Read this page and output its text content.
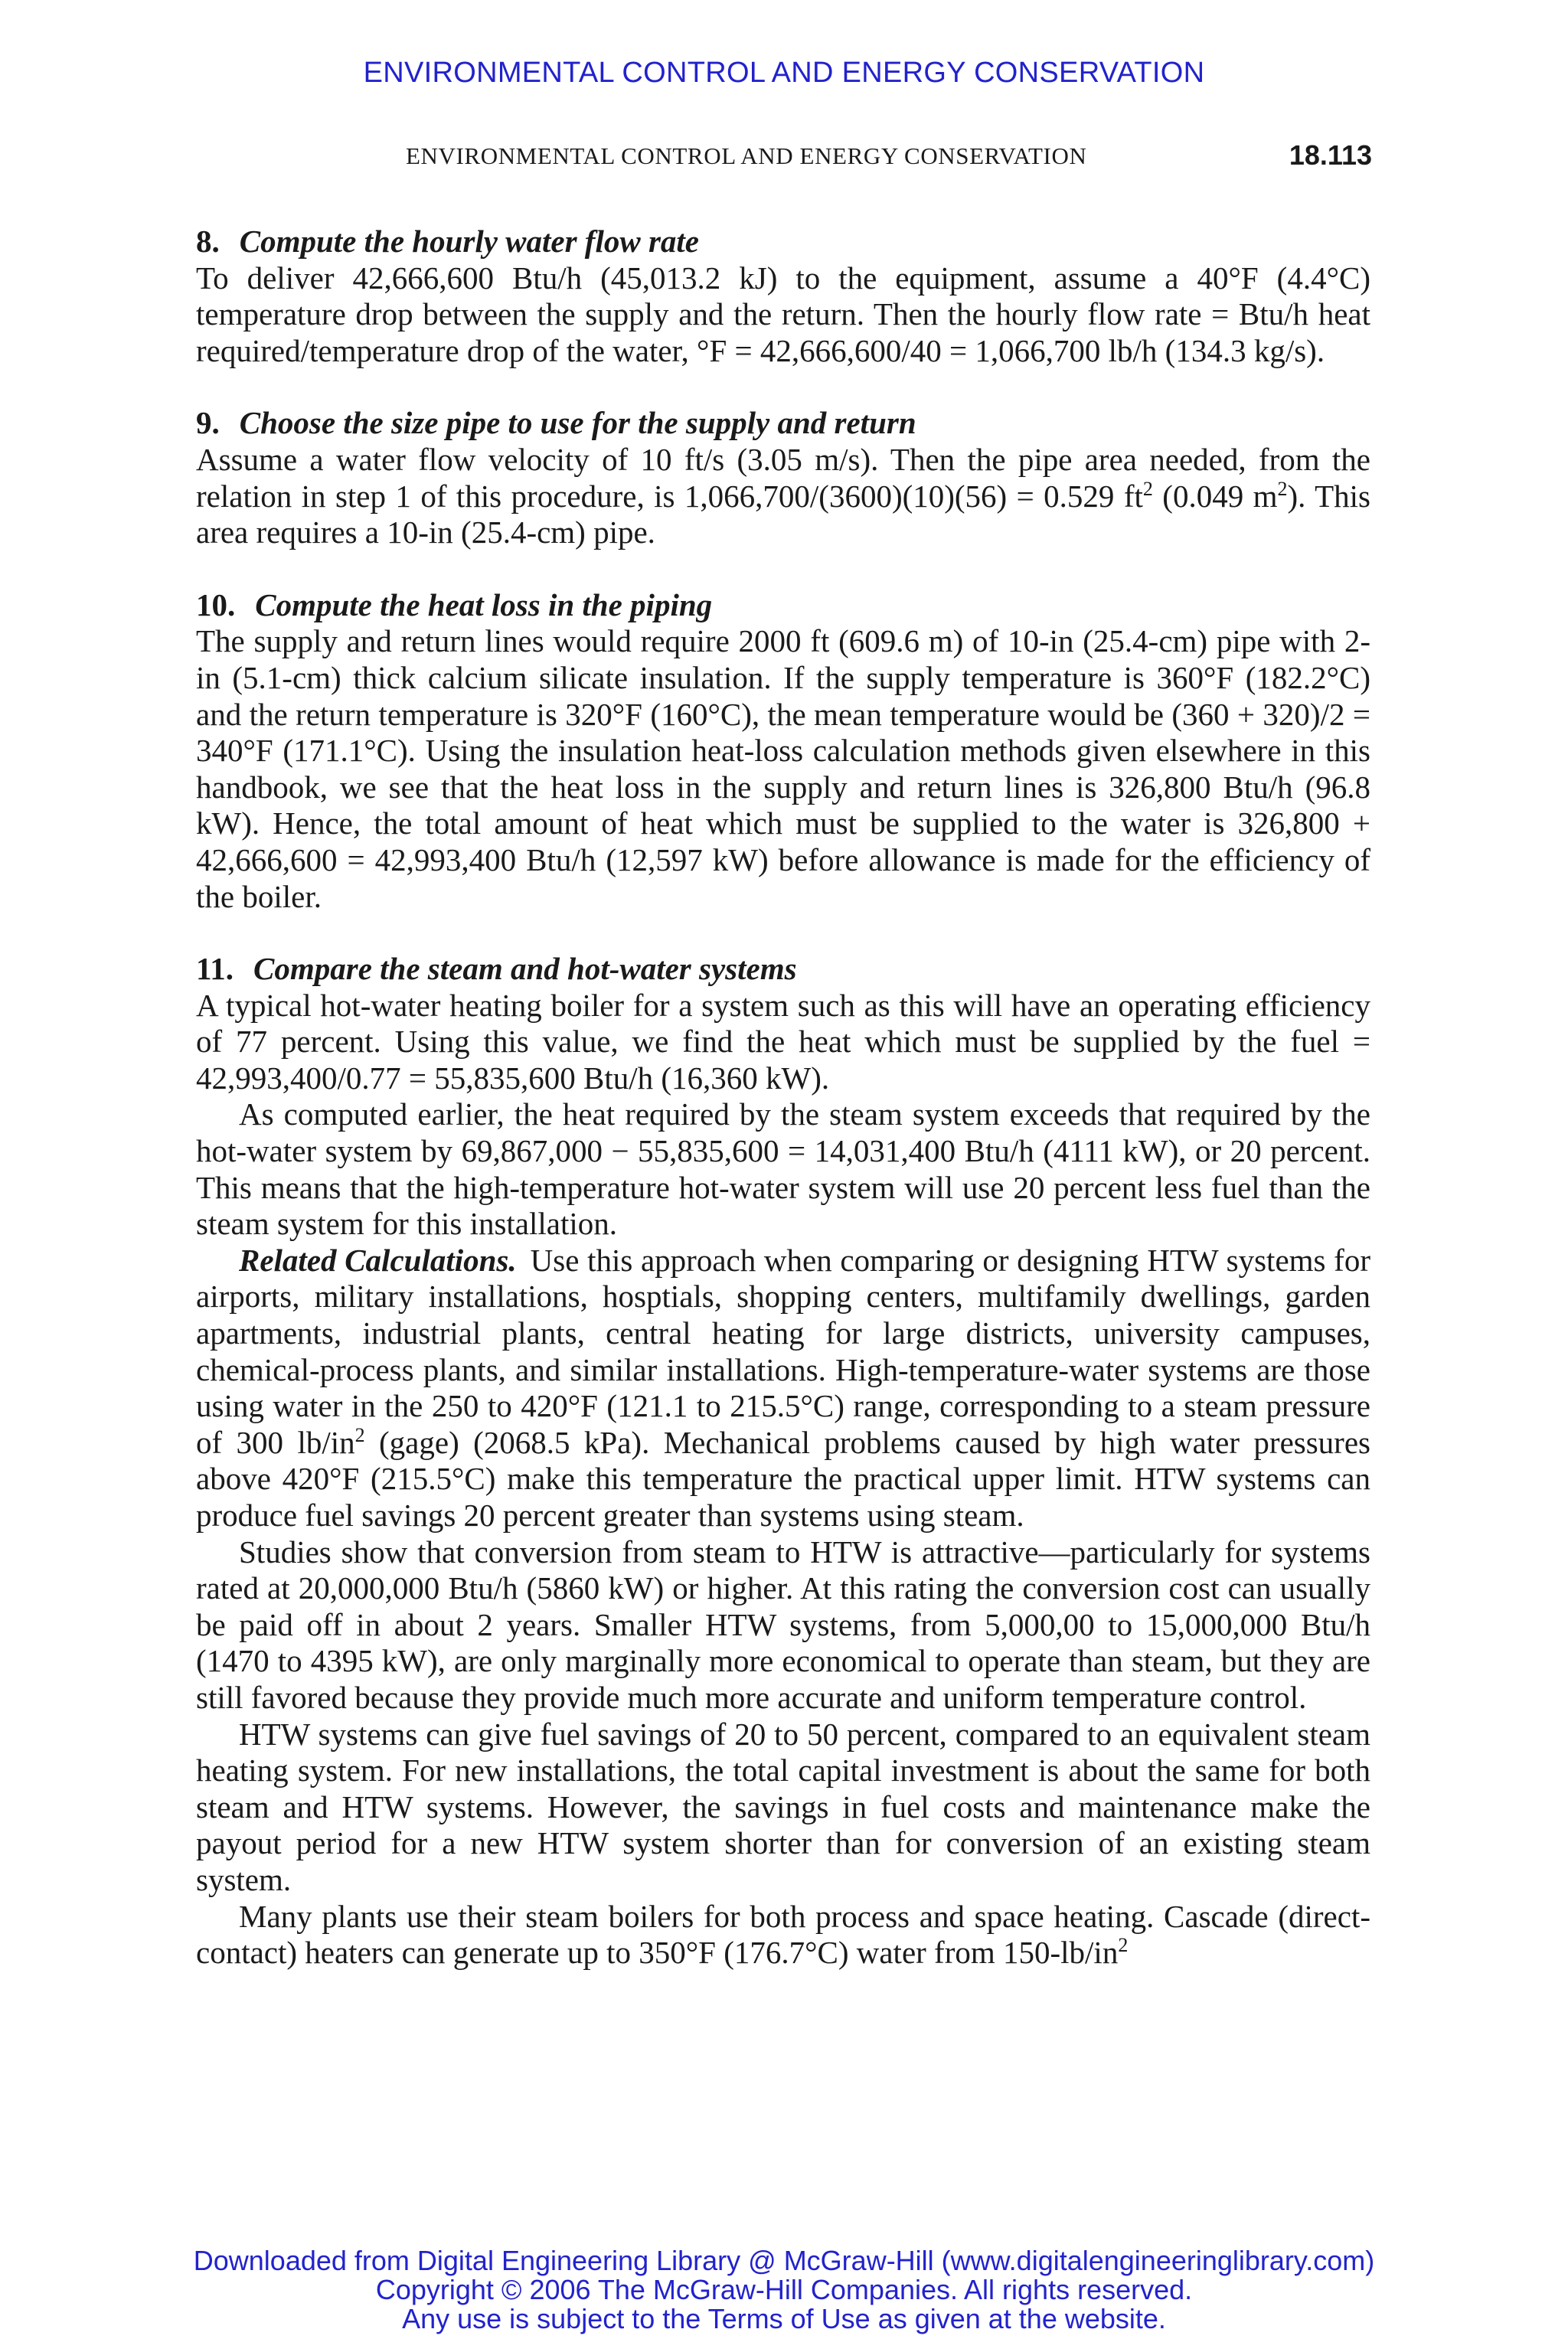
ENVIRONMENTAL CONTROL AND ENERGY CONSERVATION
ENVIRONMENTAL CONTROL AND ENERGY CONSERVATION	18.113
8. Compute the hourly water flow rate

To deliver 42,666,600 Btu/h (45,013.2 kJ) to the equipment, assume a 40°F (4.4°C) temperature drop between the supply and the return. Then the hourly flow rate = Btu/h heat required/temperature drop of the water, °F = 42,666,600/40 = 1,066,700 lb/h (134.3 kg/s).

9. Choose the size pipe to use for the supply and return

Assume a water flow velocity of 10 ft/s (3.05 m/s). Then the pipe area needed, from the relation in step 1 of this procedure, is 1,066,700/(3600)(10)(56) = 0.529 $ft^2$ (0.049 $m^2$). This area requires a 10-in (25.4-cm) pipe.

10. Compute the heat loss in the piping

The supply and return lines would require 2000 ft (609.6 m) of 10-in (25.4-cm) pipe with 2-in (5.1-cm) thick calcium silicate insulation. If the supply temperature is 360°F (182.2°C) and the return temperature is 320°F (160°C), the mean temperature would be (360 + 320)/2 = 340°F (171.1°C). Using the insulation heat-loss calculation methods given elsewhere in this handbook, we see that the heat loss in the supply and return lines is 326,800 Btu/h (96.8 kW). Hence, the total amount of heat which must be supplied to the water is 326,800 + 42,666,600 = 42,993,400 Btu/h (12,597 kW) before allowance is made for the efficiency of the boiler.

11. Compare the steam and hot-water systems

A typical hot-water heating boiler for a system such as this will have an operating efficiency of 77 percent. Using this value, we find the heat which must be supplied by the fuel = 42,993,400/0.77 = 55,835,600 Btu/h (16,360 kW).

As computed earlier, the heat required by the steam system exceeds that required by the hot-water system by 69,867,000 − 55,835,600 = 14,031,400 Btu/h (4111 kW), or 20 percent. This means that the high-temperature hot-water system will use 20 percent less fuel than the steam system for this installation.

Related Calculations. Use this approach when comparing or designing HTW systems for airports, military installations, hosptials, shopping centers, multifamily dwellings, garden apartments, industrial plants, central heating for large districts, university campuses, chemical-process plants, and similar installations. High-temperature-water systems are those using water in the 250 to 420°F (121.1 to 215.5°C) range, corresponding to a steam pressure of 300 $lb/in^2$ (gage) (2068.5 kPa). Mechanical problems caused by high water pressures above 420°F (215.5°C) make this temperature the practical upper limit. HTW systems can produce fuel savings 20 percent greater than systems using steam.

Studies show that conversion from steam to HTW is attractive—particularly for systems rated at 20,000,000 Btu/h (5860 kW) or higher. At this rating the conversion cost can usually be paid off in about 2 years. Smaller HTW systems, from 5,000,00 to 15,000,000 Btu/h (1470 to 4395 kW), are only marginally more economical to operate than steam, but they are still favored because they provide much more accurate and uniform temperature control.

HTW systems can give fuel savings of 20 to 50 percent, compared to an equivalent steam heating system. For new installations, the total capital investment is about the same for both steam and HTW systems. However, the savings in fuel costs and maintenance make the payout period for a new HTW system shorter than for conversion of an existing steam system.

Many plants use their steam boilers for both process and space heating. Cascade (direct-contact) heaters can generate up to 350°F (176.7°C) water from $150-lb/in^2$

Downloaded from Digital Engineering Library @ McGraw-Hill (www.digitalengineeringlibrary.com)
Copyright © 2006 The McGraw-Hill Companies. All rights reserved.
Any use is subject to the Terms of Use as given at the website.
